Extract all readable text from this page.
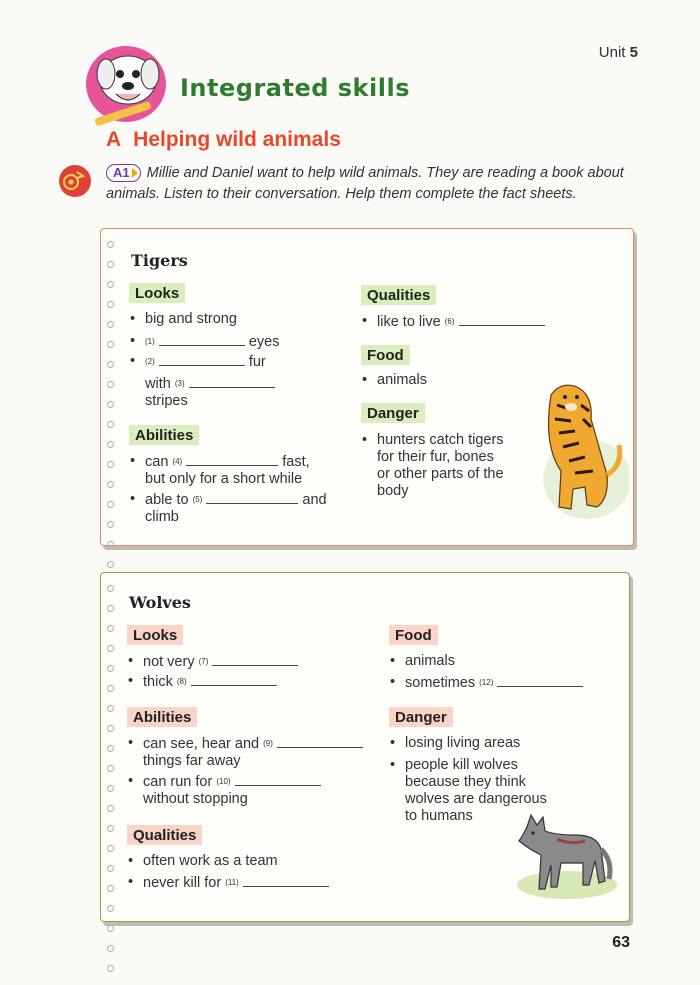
Unit 5
Integrated skills
A Helping wild animals
A1 Millie and Daniel want to help wild animals. They are reading a book about animals. Listen to their conversation. Help them complete the fact sheets.
Tigers
Looks
• big and strong
• $^{(1)}$	eyes
• $^{(2)}$	fur
with $^{(3)}$
stripes
Abilities
• can $^{(4)}$	fast,
but only for a short while
• able to $^{(5)}$	and
climb
Qualities
• like to live $^{(6)}$
Food
• animals
Danger
• hunters catch tigers
for their fur, bones
or other parts of the
body
Wolves
Looks
• not very $^{(7)}$
• thick $^{(8)}$
Abilities
• can see, hear and $^{(9)}$
things far away
• can run for $^{(10)}$
without stopping
Qualities
• often work as a team
• never kill for $^{(11)}$
Food
• animals
• sometimes $^{(12)}$
Danger
• losing living areas
• people kill wolves
because they think
wolves are dangerous
to humans
63
